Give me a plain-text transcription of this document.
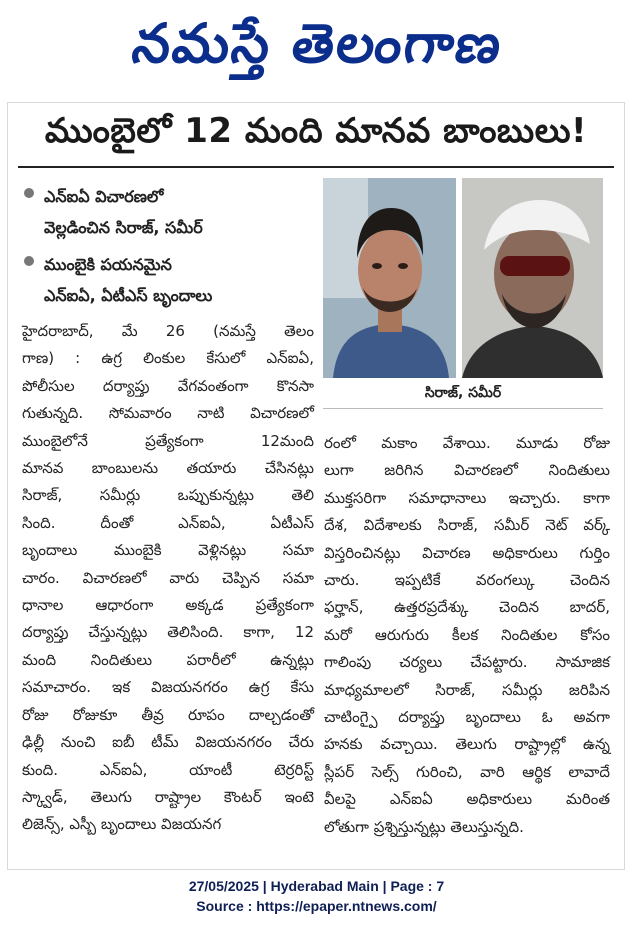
నమస్తే తెలంగాణ
ముంబైలో 12 మంది మానవ బాంబులు!
ఎన్ఐఏ విచారణలో
వెల్లడించిన సిరాజ్, సమీర్
ముంబైకి పయనమైన
ఎన్ఐఏ, ఏటీఎస్ బృందాలు
సిరాజ్, సమీర్
హైదరాబాద్, మే 26 (నమస్తే తెలం
గాణ) : ఉగ్ర లింకుల కేసులో ఎన్ఐఏ,
పోలీసుల దర్యాప్తు వేగవంతంగా కొనసా
గుతున్నది. సోమవారం నాటి విచారణలో
ముంబైలోనే ప్రత్యేకంగా 12మంది
మానవ బాంబులను తయారు చేసినట్లు
సిరాజ్, సమీర్లు ఒప్పుకున్నట్లు తెలి
సింది. దీంతో ఎన్ఐఏ, ఏటీఎస్
బృందాలు ముంబైకి వెళ్లినట్లు సమా
చారం. విచారణలో వారు చెప్పిన సమా
ధానాల ఆధారంగా అక్కడ ప్రత్యేకంగా
దర్యాప్తు చేస్తున్నట్లు తెలిసింది. కాగా, 12
మంది నిందితులు పరారీలో ఉన్నట్లు
సమాచారం. ఇక విజయనగరం ఉగ్ర కేసు
రోజు రోజుకూ తీవ్ర రూపం దాల్చడంతో
ఢిల్లీ నుంచి ఐబీ టీమ్ విజయనగరం చేరు
కుంది. ఎన్ఐఏ, యాంటీ టెర్రరిస్ట్
స్క్వాడ్, తెలుగు రాష్ట్రాల కౌంటర్ ఇంటె
లిజెన్స్, ఎస్బీ బృందాలు విజయనగ
రంలో మకాం వేశాయి. మూడు రోజు
లుగా జరిగిన విచారణలో నిందితులు
ముక్తసరిగా సమాధానాలు ఇచ్చారు. కాగా
దేశ, విదేశాలకు సిరాజ్, సమీర్ నెట్ వర్క్
విస్తరించినట్లు విచారణ అధికారులు గుర్తిం
చారు. ఇప్పటికే వరంగల్కు చెందిన
ఫర్హాన్, ఉత్తరప్రదేశ్కు చెందిన బాదర్,
మరో ఆరుగురు కీలక నిందితుల కోసం
గాలింపు చర్యలు చేపట్టారు. సామాజిక
మాధ్యమాలలో సిరాజ్, సమీర్లు జరిపిన
చాటింగ్పై దర్యాప్తు బృందాలు ఓ అవగా
హనకు వచ్చాయి. తెలుగు రాష్ట్రాల్లో ఉన్న
స్లీపర్ సెల్స్ గురించి, వారి ఆర్థిక లావాదే
వీలపై ఎన్ఐఏ అధికారులు మరింత
లోతుగా ప్రశ్నిస్తున్నట్లు తెలుస్తున్నది.
27/05/2025 | Hyderabad Main | Page : 7
Source : https://epaper.ntnews.com/
